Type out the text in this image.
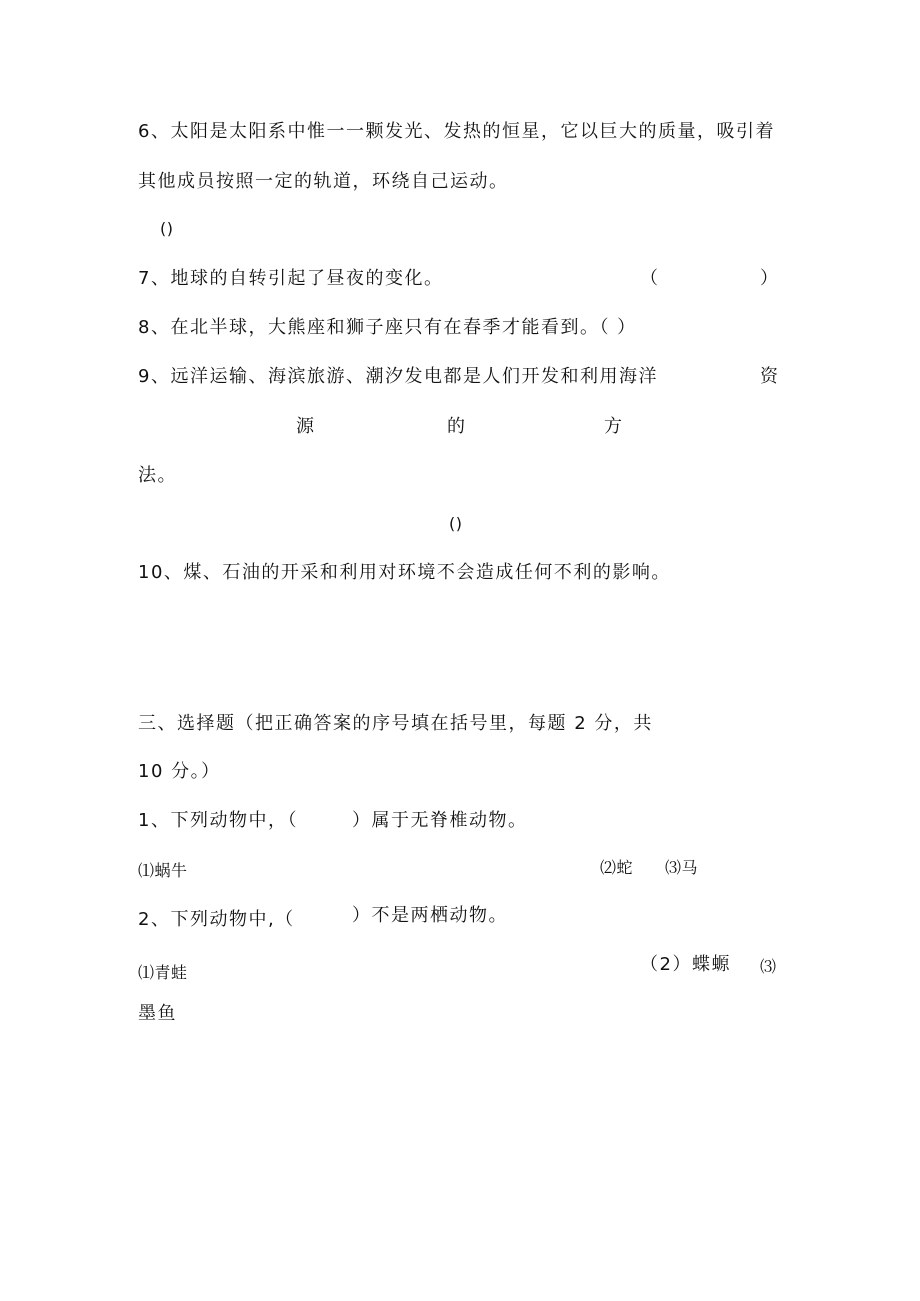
6、太阳是太阳系中惟一一颗发光、发热的恒星，它以巨大的质量，吸引着
其他成员按照一定的轨道，环绕自己运动。
()
7、地球的自转引起了昼夜的变化。	（	）
8、在北半球，大熊座和狮子座只有在春季才能看到。（ ）
9、远洋运输、海滨旅游、潮汐发电都是人们开发和利用海洋	资
源	的	方
法。
()
10、煤、石油的开采和利用对环境不会造成任何不利的影响。
三、选择题（把正确答案的序号填在括号里，每题 2 分，共
10 分。）
1、下列动物中，（	）属于无脊椎动物。
⑴蜗牛	⑵蛇 ⑶马
2、下列动物中,（	）不是两栖动物。
⑴青蛙	（2）蝶螈 ⑶
墨鱼
